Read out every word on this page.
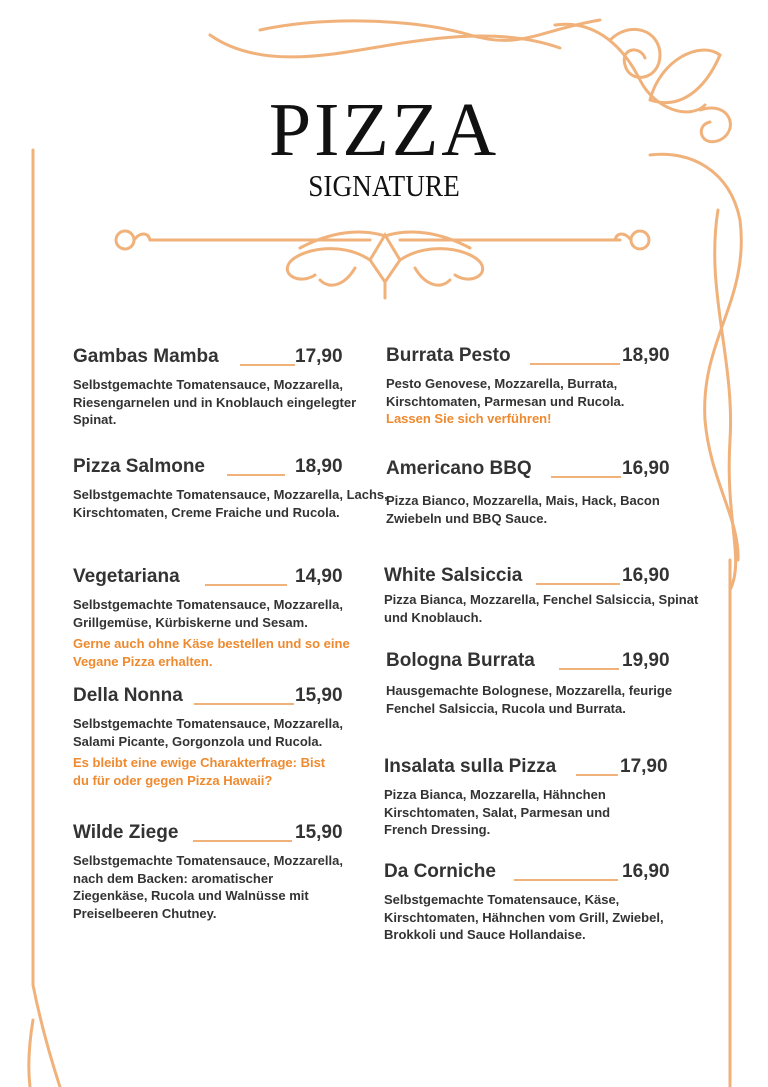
PIZZA
SIGNATURE
Gambas Mamba	17,90
Selbstgemachte Tomatensauce, Mozzarella, Riesengarnelen und in Knoblauch eingelegter Spinat.
Pizza Salmone	18,90
Selbstgemachte Tomatensauce, Mozzarella, Lachs, Kirschtomaten, Creme Fraiche und Rucola.
Vegetariana	14,90
Selbstgemachte Tomatensauce, Mozzarella, Grillgemüse, Kürbiskerne und Sesam.
Gerne auch ohne Käse bestellen und so eine Vegane Pizza erhalten.
Della Nonna	15,90
Selbstgemachte Tomatensauce, Mozzarella, Salami Picante, Gorgonzola und Rucola.
Es bleibt eine ewige Charakterfrage: Bist du für oder gegen Pizza Hawaii?
Wilde Ziege	15,90
Selbstgemachte Tomatensauce, Mozzarella, nach dem Backen: aromatischer Ziegenkäse, Rucola und Walnüsse mit Preiselbeeren Chutney.
Burrata Pesto	18,90
Pesto Genovese, Mozzarella, Burrata, Kirschtomaten, Parmesan und Rucola.
Lassen Sie sich verführen!
Americano BBQ	16,90
Pizza Bianco, Mozzarella, Mais, Hack, Bacon Zwiebeln und BBQ Sauce.
White Salsiccia	16,90
Pizza Bianca, Mozzarella, Fenchel Salsiccia, Spinat und Knoblauch.
Bologna Burrata	19,90
Hausgemachte Bolognese, Mozzarella, feurige Fenchel Salsiccia, Rucola und Burrata.
Insalata sulla Pizza	17,90
Pizza Bianca, Mozzarella, Hähnchen Kirschtomaten, Salat, Parmesan und French Dressing.
Da Corniche	16,90
Selbstgemachte Tomatensauce, Käse, Kirschtomaten, Hähnchen vom Grill, Zwiebel, Brokkoli und Sauce Hollandaise.
